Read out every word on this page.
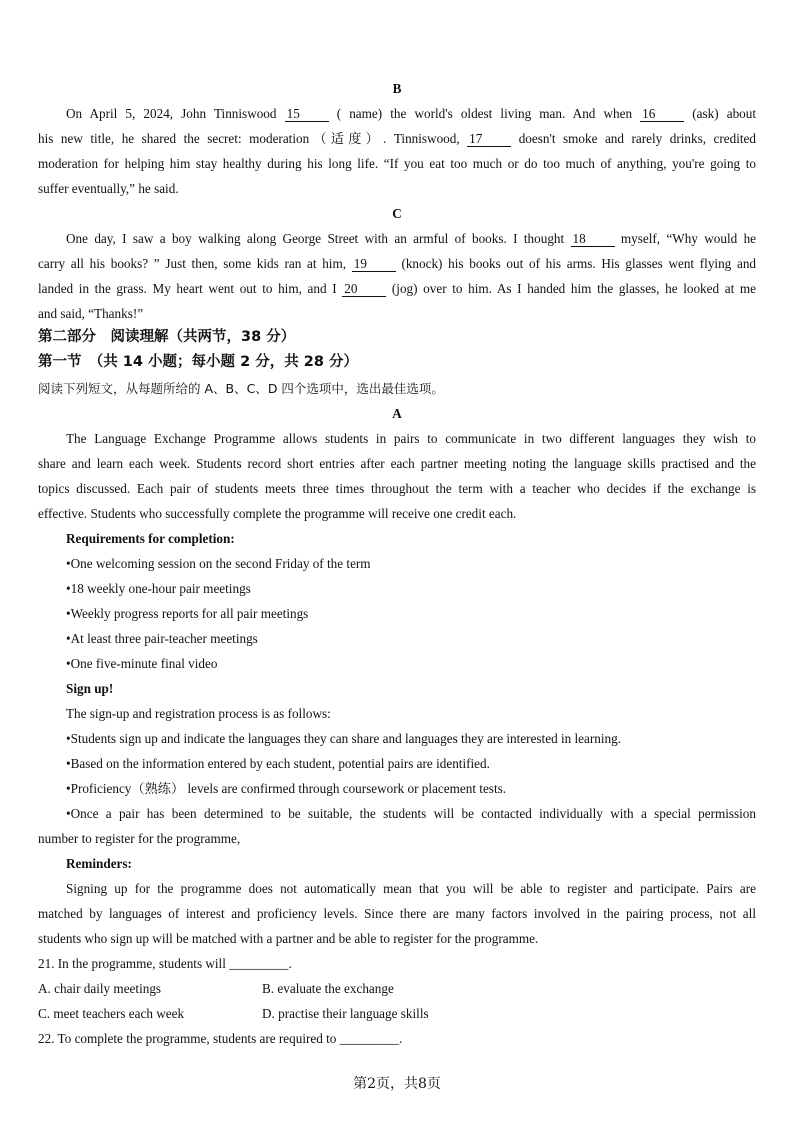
B
On April 5, 2024, John Tinniswood 15	( name) the world's oldest living man. And when 16	(ask) about
his new title, he shared the secret: moderation（适度）. Tinniswood, 17	doesn't smoke and rarely drinks, credited
moderation for helping him stay healthy during his long life. “If you eat too much or do too much of anything, you're going to
suffer eventually,” he said.
C
One day, I saw a boy walking along George Street with an armful of books. I thought 18	myself, “Why would he
carry all his books? ” Just then, some kids ran at him, 19	(knock) his books out of his arms. His glasses went flying and
landed in the grass. My heart went out to him, and I 20	(jog) over to him. As I handed him the glasses, he looked at me
and said, “Thanks!”
第二部分　阅读理解（共两节，38 分）
第一节　（共 14 小题；每小题 2 分，共 28 分）
阅读下列短文，从每题所给的 A、B、C、D 四个选项中，选出最佳选项。
A
The Language Exchange Programme allows students in pairs to communicate in two different languages they wish to
share and learn each week. Students record short entries after each partner meeting noting the language skills practised and the
topics discussed. Each pair of students meets three times throughout the term with a teacher who decides if the exchange is
effective. Students who successfully complete the programme will receive one credit each.
Requirements for completion:
•One welcoming session on the second Friday of the term
•18 weekly one-hour pair meetings
•Weekly progress reports for all pair meetings
•At least three pair-teacher meetings
•One five-minute final video
Sign up!
The sign-up and registration process is as follows:
•Students sign up and indicate the languages they can share and languages they are interested in learning.
•Based on the information entered by each student, potential pairs are identified.
•Proficiency（熟练） levels are confirmed through coursework or placement tests.
•Once a pair has been determined to be suitable, the students will be contacted individually with a special permission
number to register for the programme,
Reminders:
Signing up for the programme does not automatically mean that you will be able to register and participate. Pairs are
matched by languages of interest and proficiency levels. Since there are many factors involved in the pairing process, not all
students who sign up will be matched with a partner and be able to register for the programme.
21. In the programme, students will _________.
A. chair daily meetings	B. evaluate the exchange
C. meet teachers each week	D. practise their language skills
22. To complete the programme, students are required to _________.
第2页，共8页
